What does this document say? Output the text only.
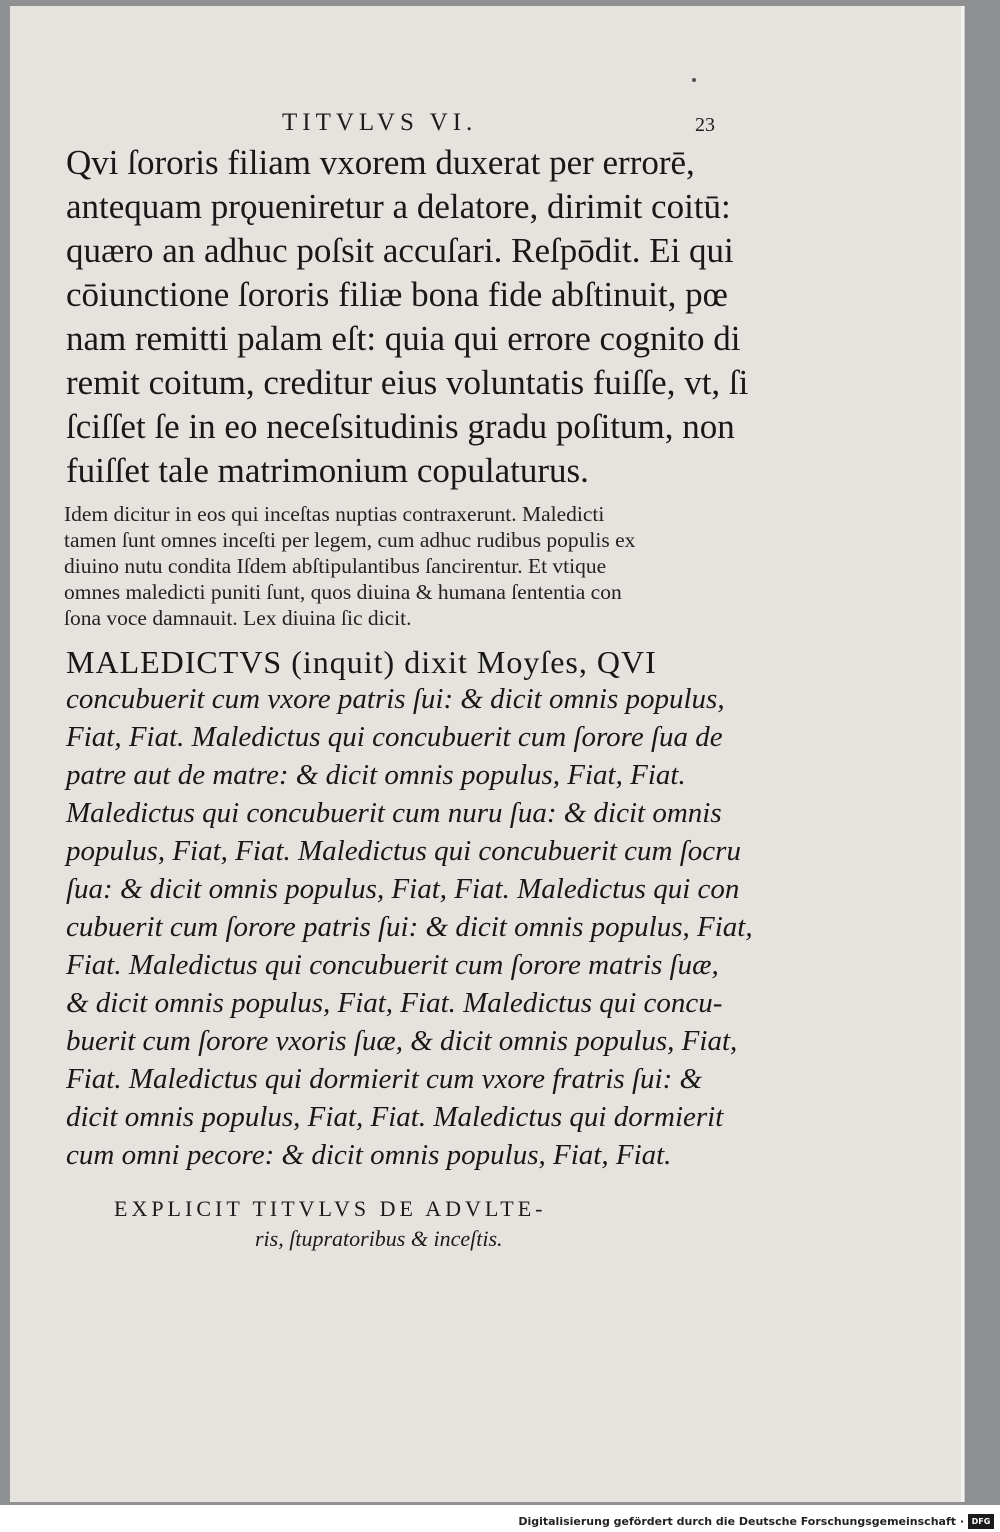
TITVLVS VI.	23
Qvi ſororis filiam vxorem duxerat per errorē,
antequam prǫueniretur a delatore, dirimit coitū:
quæro an adhuc poſsit accuſari. Reſpōdit. Ei qui
cōiunctione ſororis filiæ bona fide abſtinuit, pœ
nam remitti palam eſt: quia qui errore cognito di
remit coitum, creditur eius voluntatis fuiſſe, vt, ſi
ſciſſet ſe in eo neceſsitudinis gradu poſitum, non
fuiſſet tale matrimonium copulaturus.
Idem dicitur in eos qui inceſtas nuptias contraxerunt. Maledicti
tamen ſunt omnes inceſti per legem, cum adhuc rudibus populis ex
diuino nutu condita Iſdem abſtipulantibus ſancirentur. Et vtique
omnes maledicti puniti ſunt, quos diuina & humana ſententia con
ſona voce damnauit. Lex diuina ſic dicit.
MALEDICTVS (inquit) dixit Moyſes, QVI
concubuerit cum vxore patris ſui: & dicit omnis populus,
Fiat, Fiat. Maledictus qui concubuerit cum ſorore ſua de
patre aut de matre: & dicit omnis populus, Fiat, Fiat.
Maledictus qui concubuerit cum nuru ſua: & dicit omnis
populus, Fiat, Fiat. Maledictus qui concubuerit cum ſocru
ſua: & dicit omnis populus, Fiat, Fiat. Maledictus qui con
cubuerit cum ſorore patris ſui: & dicit omnis populus, Fiat,
Fiat. Maledictus qui concubuerit cum ſorore matris ſuæ,
& dicit omnis populus, Fiat, Fiat. Maledictus qui concu-
buerit cum ſorore vxoris ſuæ, & dicit omnis populus, Fiat,
Fiat. Maledictus qui dormierit cum vxore fratris ſui: &
dicit omnis populus, Fiat, Fiat. Maledictus qui dormierit
cum omni pecore: & dicit omnis populus, Fiat, Fiat.
EXPLICIT TITVLVS DE ADVLTE-
ris, ſtupratoribus & inceſtis.
Digitalisierung gefördert durch die Deutsche Forschungsgemeinschaft · DFG
